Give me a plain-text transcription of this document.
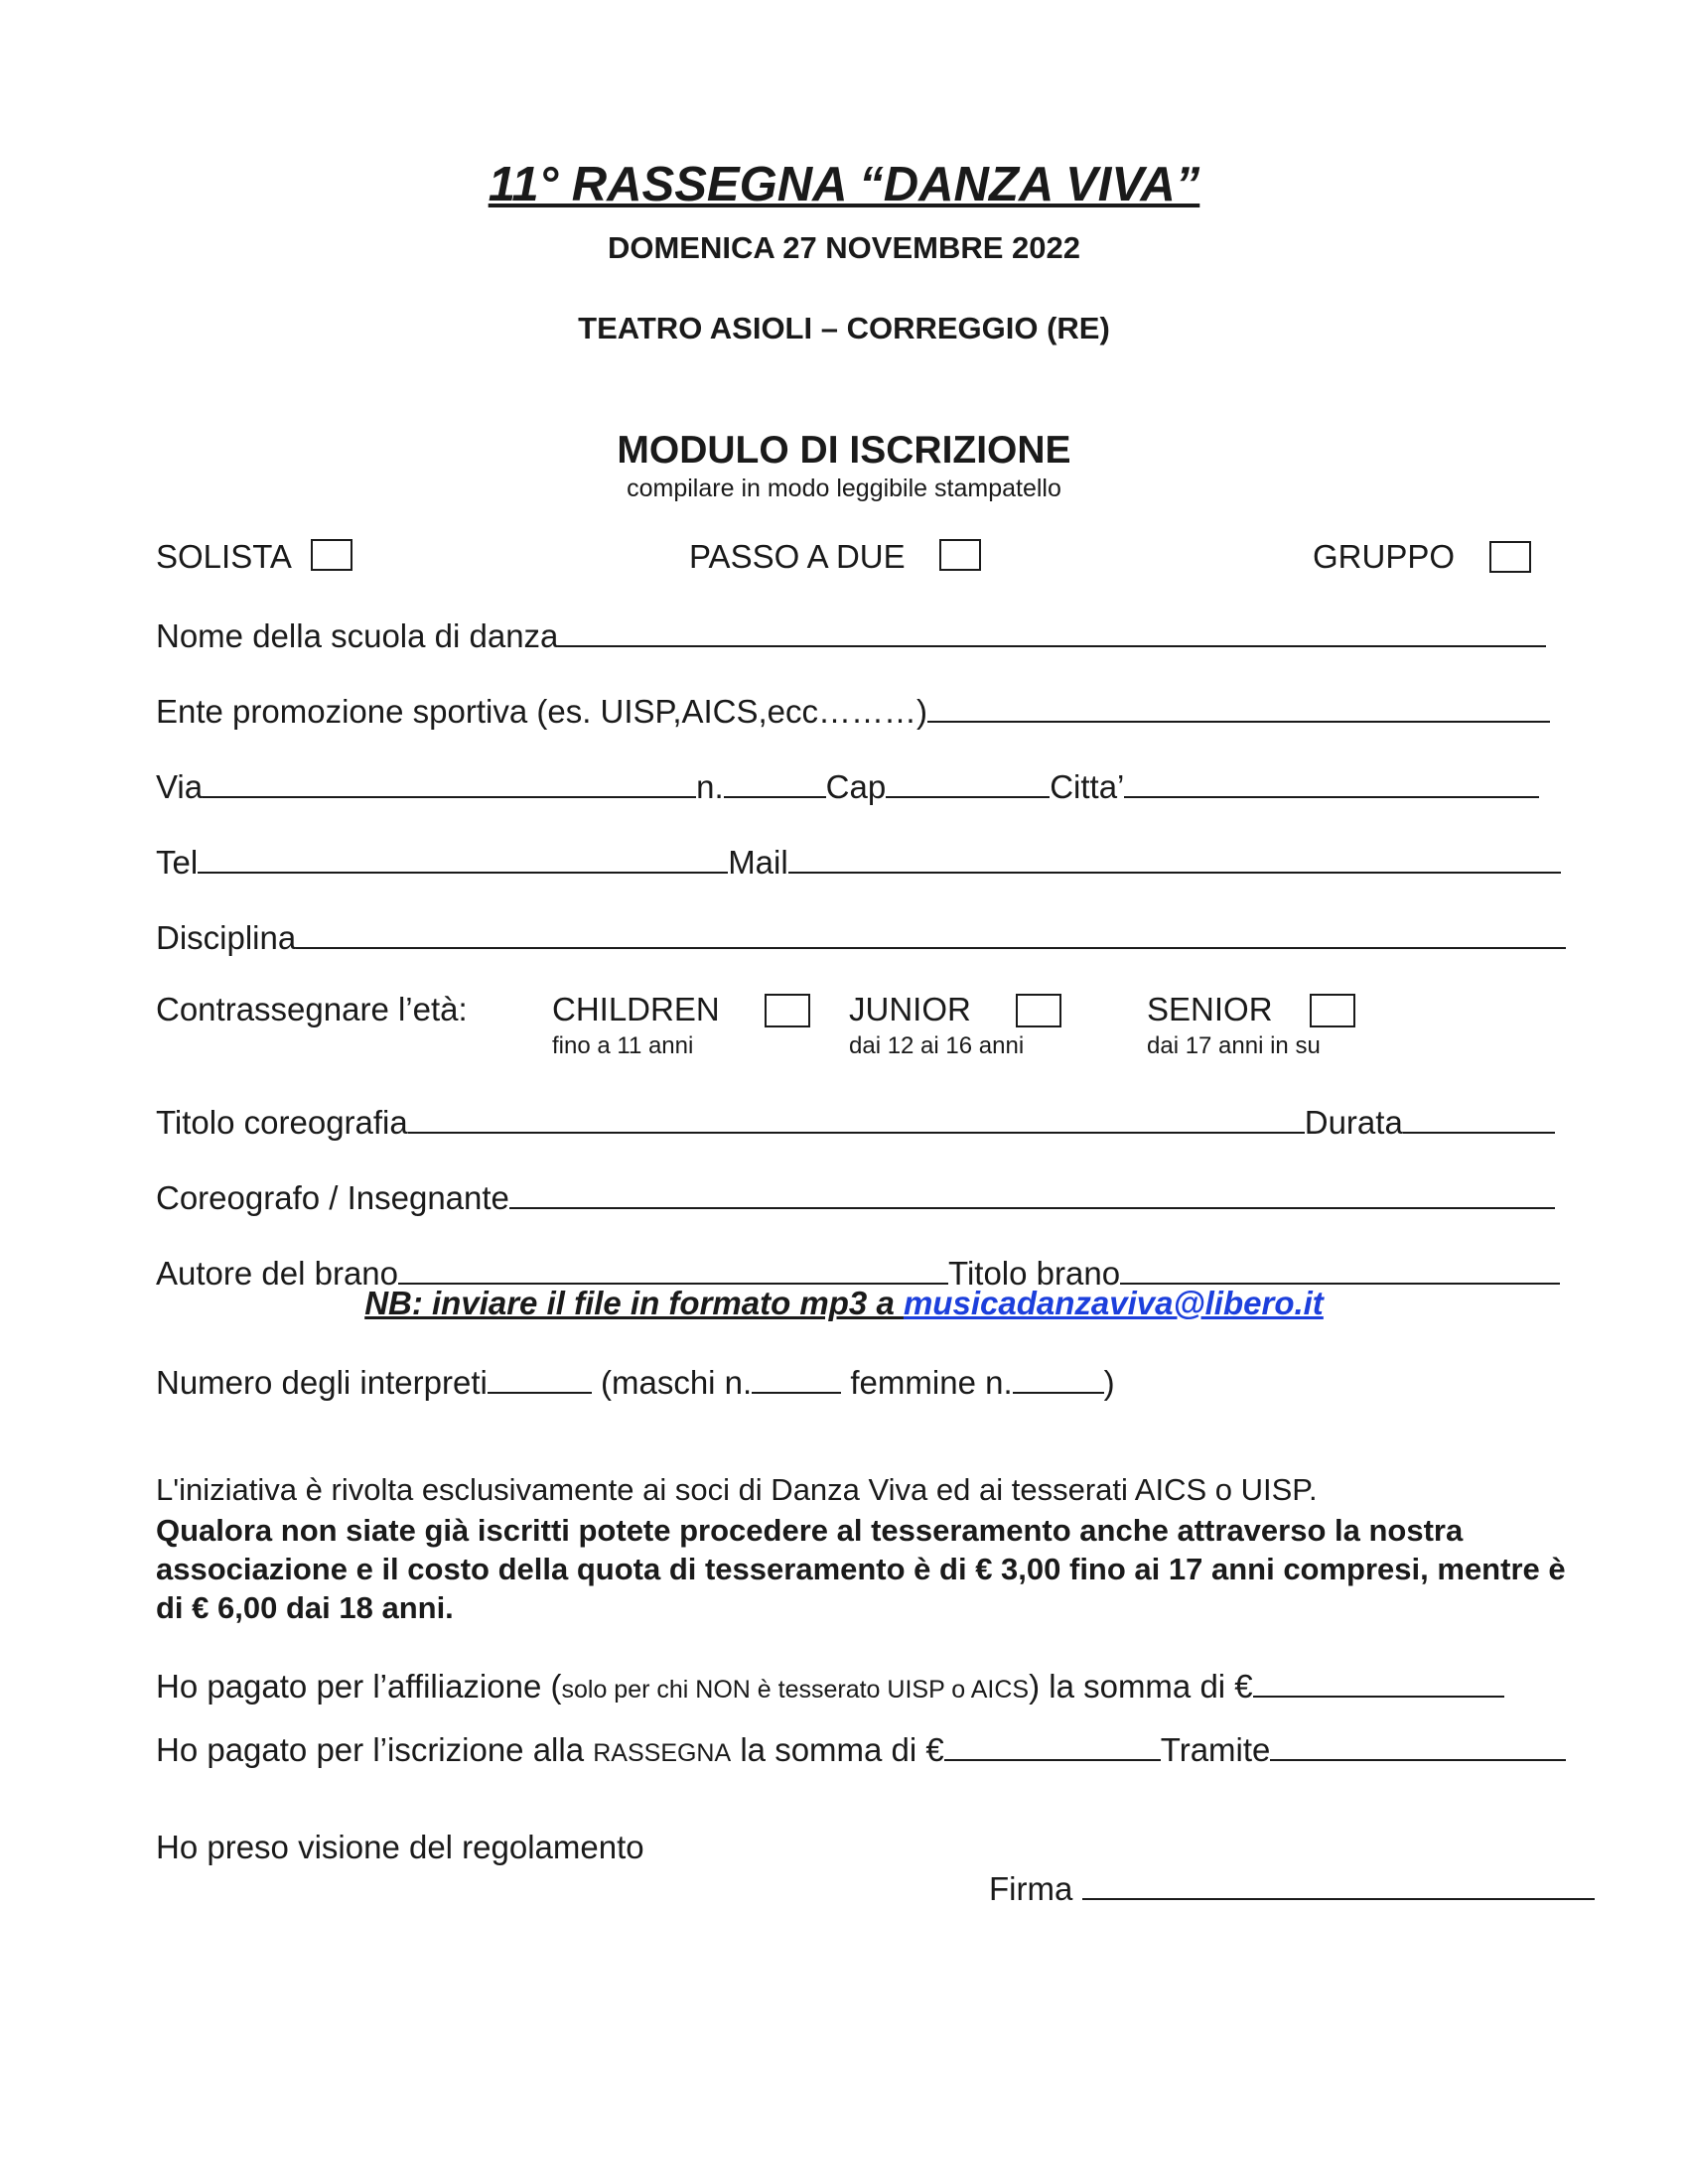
11° RASSEGNA “DANZA VIVA”
DOMENICA 27 NOVEMBRE 2022
TEATRO ASIOLI – CORREGGIO (RE)
MODULO DI ISCRIZIONE
compilare in modo leggibile stampatello
SOLISTA	PASSO A DUE	GRUPPO
Nome della scuola di danza
Ente promozione sportiva (es. UISP,AICS,ecc………)
Via	n.	Cap	Citta’
Tel	Mail
Disciplina
Contrassegnare l’età:	CHILDREN
fino a 11 anni
JUNIOR
dai 12 ai 16 anni
SENIOR
dai 17 anni in su
Titolo coreografia	Durata
Coreografo / Insegnante
Autore del brano	Titolo brano
NB: inviare il file in formato mp3 a musicadanzaviva@libero.it
Numero degli interpreti	(maschi n.	femmine n.	)
L'iniziativa è rivolta esclusivamente ai soci di Danza Viva ed ai tesserati AICS o UISP.
Qualora non siate già iscritti potete procedere al tesseramento anche attraverso la nostra associazione e il costo della quota di tesseramento è di € 3,00 fino ai 17 anni compresi, mentre è di € 6,00 dai 18 anni.
Ho pagato per l’affiliazione (solo per chi NON è tesserato UISP o AICS) la somma di €
Ho pagato per l’iscrizione alla RASSEGNA la somma di €	Tramite
Ho preso visione del regolamento
Firma
